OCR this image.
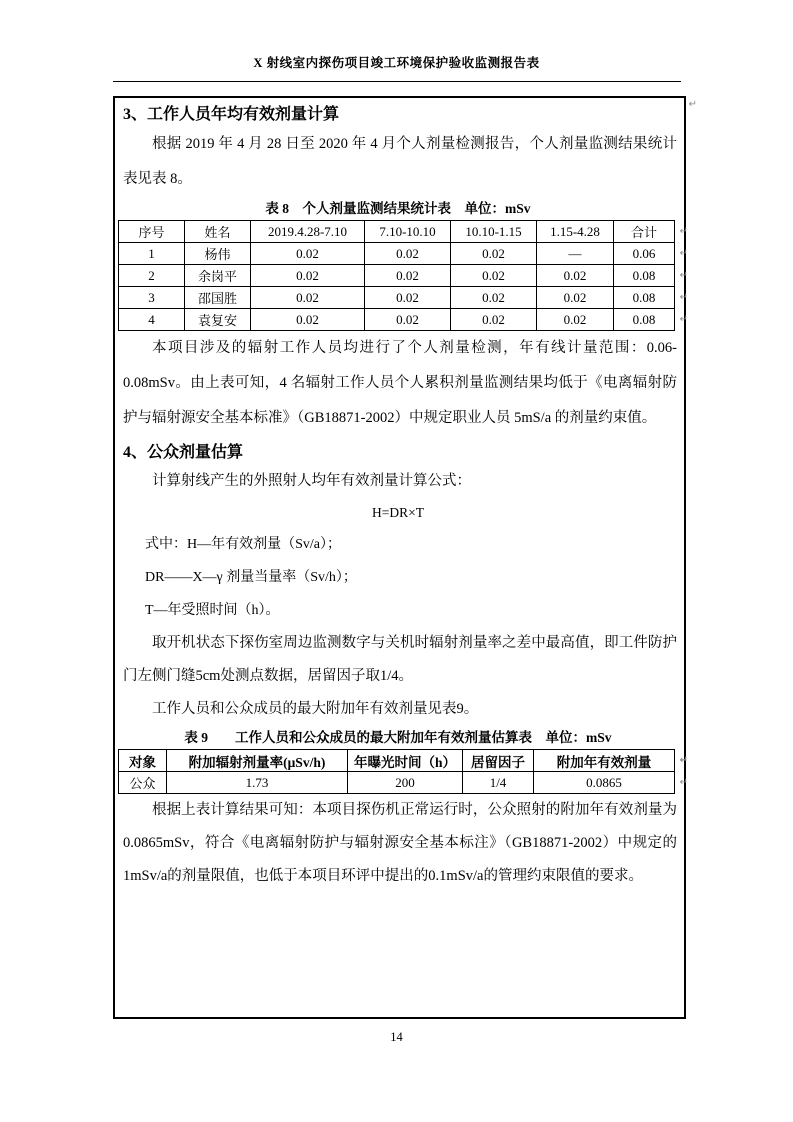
X 射线室内探伤项目竣工环境保护验收监测报告表
↵
3、工作人员年均有效剂量计算

根据 2019 年 4 月 28 日至 2020 年 4 月个人剂量检测报告，个人剂量监测结果统计表见表 8。

表 8　个人剂量监测结果统计表　单位：mSv

序号	姓名	2019.4.28-7.10	7.10-10.10	10.10-1.15	1.15-4.28	合计 ↵

1	杨伟	0.02	0.02	0.02	—	0.06 ↵

2	余岗平	0.02	0.02	0.02	0.02	0.08 ↵

3	邵国胜	0.02	0.02	0.02	0.02	0.08 ↵

4	袁复安	0.02	0.02	0.02	0.02	0.08 ↵

本项目涉及的辐射工作人员均进行了个人剂量检测，年有线计量范围：0.06-0.08mSv。由上表可知，4 名辐射工作人员个人累积剂量监测结果均低于《电离辐射防护与辐射源安全基本标准》（GB18871-2002）中规定职业人员 5mS/a 的剂量约束值。

4、公众剂量估算

计算射线产生的外照射人均年有效剂量计算公式：

H=DR×T

式中：H—年有效剂量（Sv/a）；

DR——X—γ 剂量当量率（Sv/h）；

T—年受照时间（h）。

取开机状态下探伤室周边监测数字与关机时辐射剂量率之差中最高值，即工件防护门左侧门缝5cm处测点数据，居留因子取1/4。

工作人员和公众成员的最大附加年有效剂量见表9。

表 9　　工作人员和公众成员的最大附加年有效剂量估算表　单位：mSv

对象	附加辐射剂量率(μSv/h)	年曝光时间（h）	居留因子	附加年有效剂量 ↵

公众	1.73	200	1/4	0.0865 ↵

根据上表计算结果可知：本项目探伤机正常运行时，公众照射的附加年有效剂量为0.0865mSv，符合《电离辐射防护与辐射源安全基本标注》（GB18871-2002）中规定的1mSv/a的剂量限值，也低于本项目环评中提出的0.1mSv/a的管理约束限值的要求。

14
